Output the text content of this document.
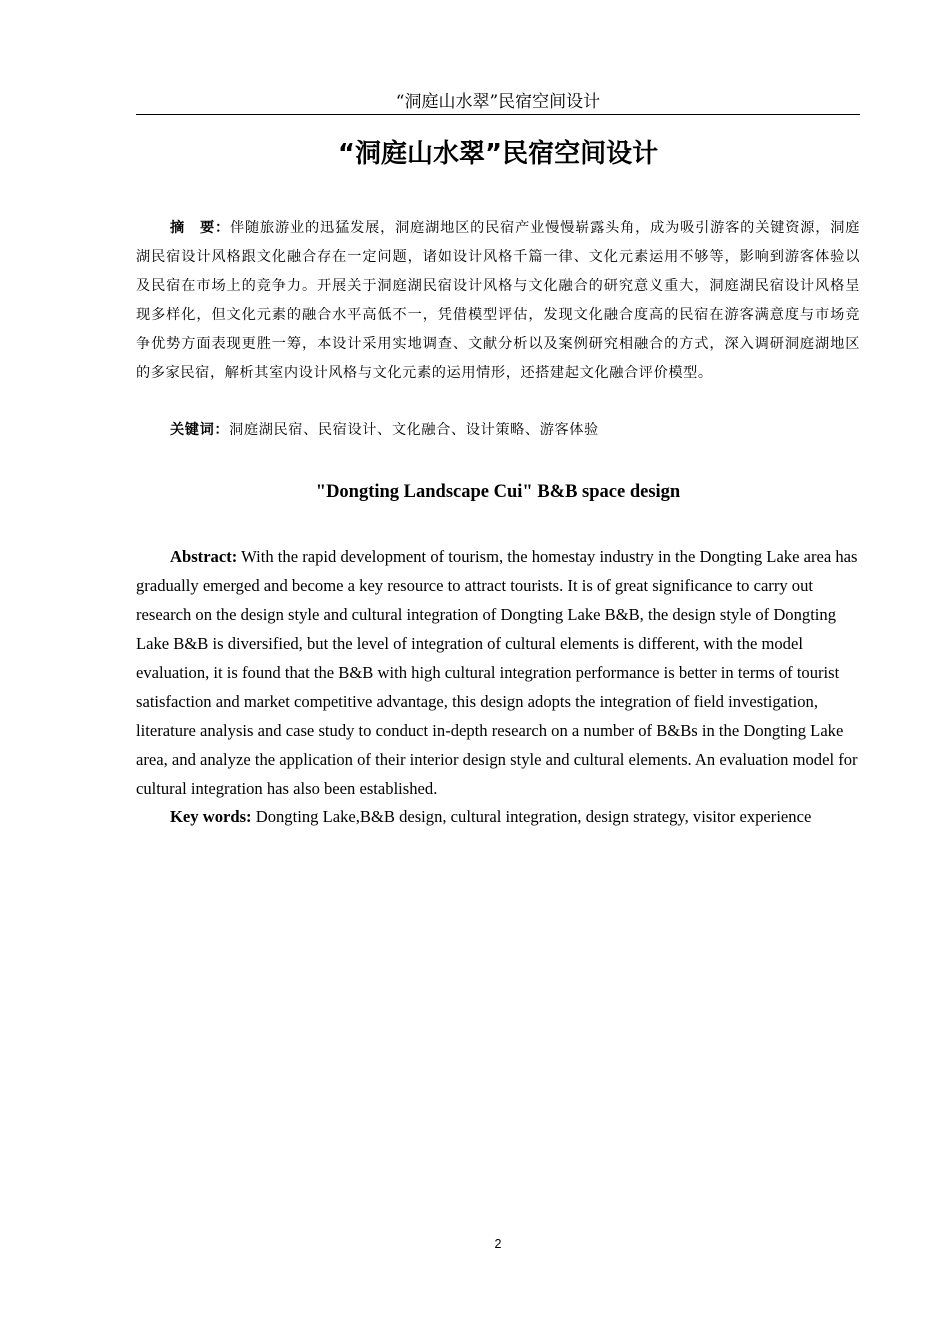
“洞庭山水翠”民宿空间设计
“洞庭山水翠”民宿空间设计

摘　要：伴随旅游业的迅猛发展，洞庭湖地区的民宿产业慢慢崭露头角，成为吸引游客的关键资源，洞庭湖民宿设计风格跟文化融合存在一定问题，诸如设计风格千篇一律、文化元素运用不够等，影响到游客体验以及民宿在市场上的竞争力。开展关于洞庭湖民宿设计风格与文化融合的研究意义重大，洞庭湖民宿设计风格呈现多样化，但文化元素的融合水平高低不一，凭借模型评估，发现文化融合度高的民宿在游客满意度与市场竞争优势方面表现更胜一筹，本设计采用实地调查、文献分析以及案例研究相融合的方式，深入调研洞庭湖地区的多家民宿，解析其室内设计风格与文化元素的运用情形，还搭建起文化融合评价模型。

关键词：洞庭湖民宿、民宿设计、文化融合、设计策略、游客体验

"Dongting Landscape Cui" B&B space design

Abstract: With the rapid development of tourism, the homestay industry in the Dongting Lake area has gradually emerged and become a key resource to attract tourists. It is of great significance to carry out research on the design style and cultural integration of Dongting Lake B&B, the design style of Dongting Lake B&B is diversified, but the level of integration of cultural elements is different, with the model evaluation, it is found that the B&B with high cultural integration performance is better in terms of tourist satisfaction and market competitive advantage, this design adopts the integration of field investigation, literature analysis and case study to conduct in-depth research on a number of B&Bs in the Dongting Lake area, and analyze the application of their interior design style and cultural elements. An evaluation model for cultural integration has also been established.

Key words: Dongting Lake,B&B design, cultural integration, design strategy, visitor experience

2
